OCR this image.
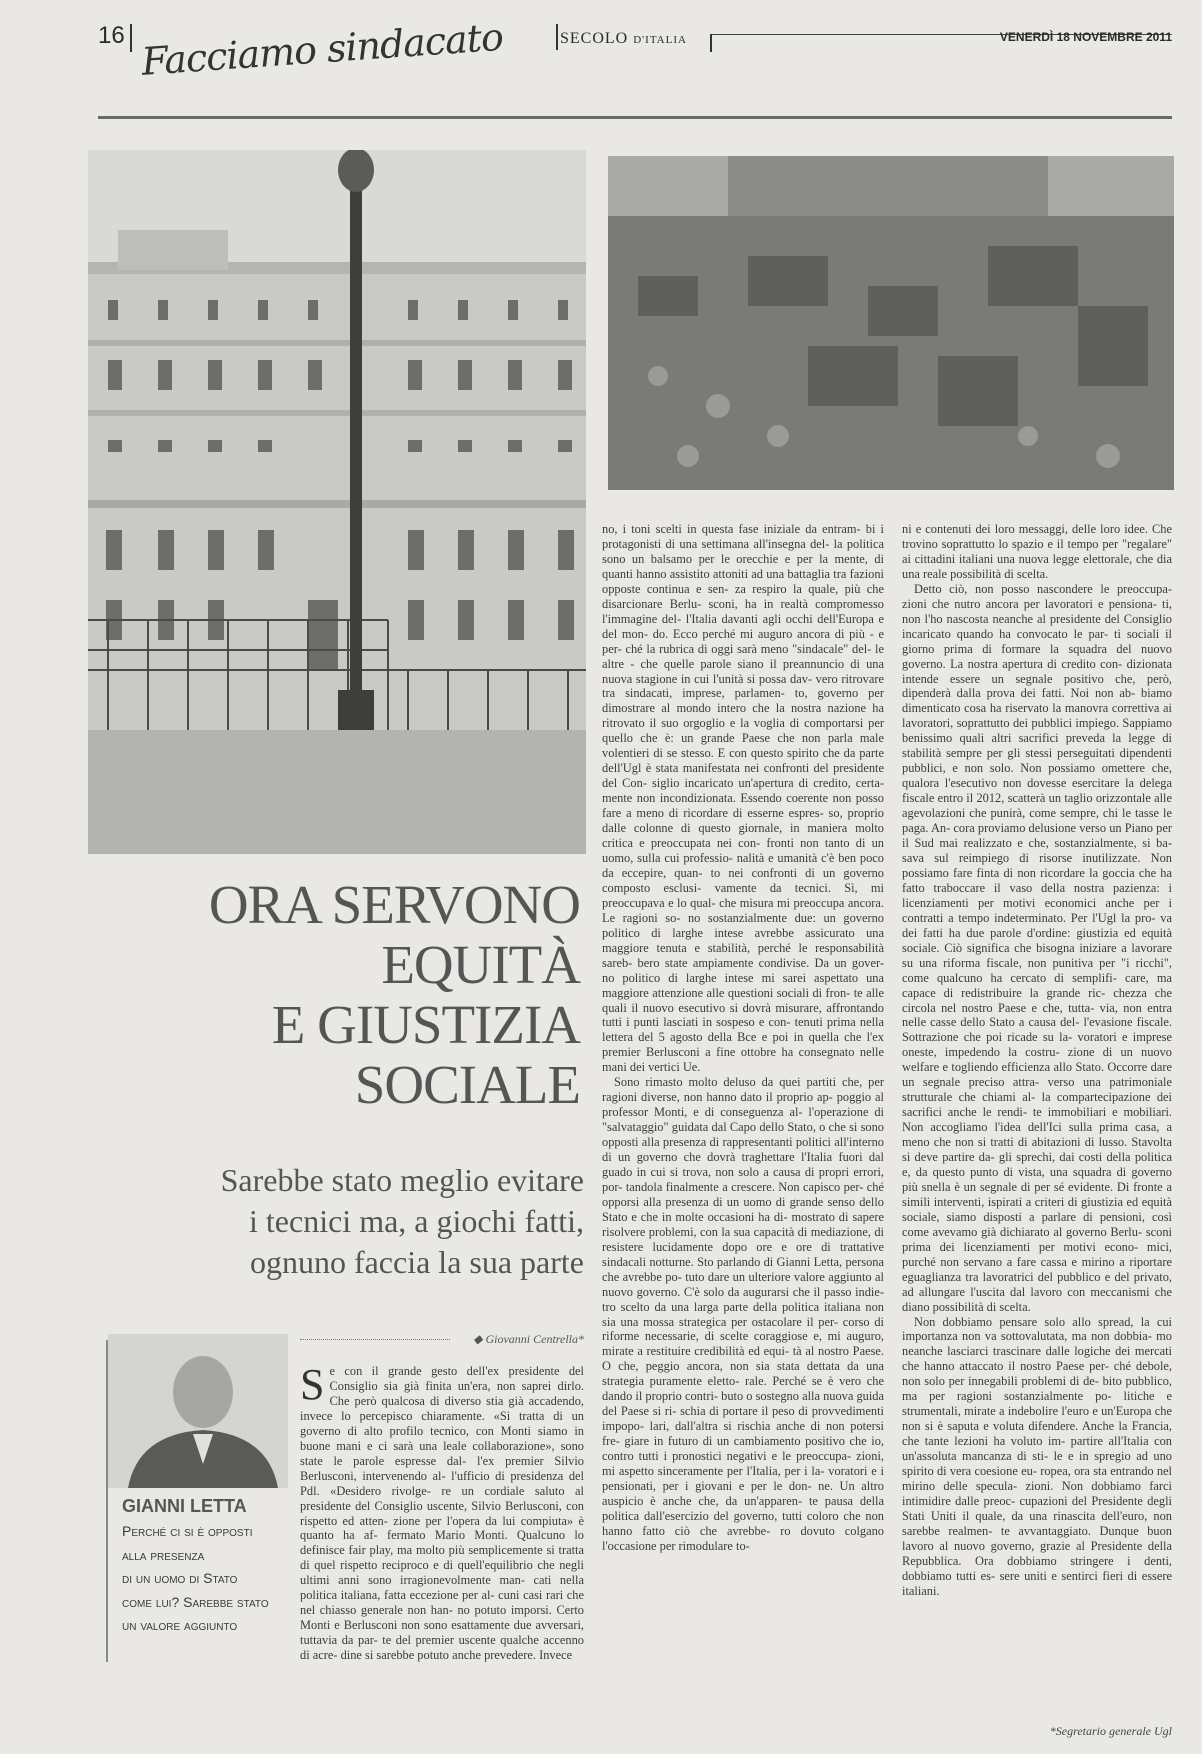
16	SECOLO D'ITALIA	VENERDÌ 18 NOVEMBRE 2011
Facciamo sindacato
ORA SERVONO
EQUITÀ
E GIUSTIZIA
SOCIALE
Sarebbe stato meglio evitare
i tecnici ma, a giochi fatti,
ognuno faccia la sua parte
◆ Giovanni Centrella*
GIANNI LETTA
Perché ci si è opposti
alla presenza
di un uomo di Stato
come lui? Sarebbe stato
un valore aggiunto

Se con il grande gesto dell'ex presidente del Consiglio sia già finita un'era, non saprei dirlo. Che però qualcosa di diverso stia già accadendo, invece lo percepisco chiaramente. «Si tratta di un governo di alto profilo tecnico, con Monti siamo in buone mani e ci sarà una leale collaborazione», sono state le parole espresse dal- l'ex premier Silvio Berlusconi, intervenendo al- l'ufficio di presidenza del Pdl. «Desidero rivolge- re un cordiale saluto al presidente del Consiglio uscente, Silvio Berlusconi, con rispetto ed atten- zione per l'opera da lui compiuta» è quanto ha af- fermato Mario Monti. Qualcuno lo definisce fair play, ma molto più semplicemente si tratta di quel rispetto reciproco e di quell'equilibrio che negli ultimi anni sono irragionevolmente man- cati nella politica italiana, fatta eccezione per al- cuni casi rari che nel chiasso generale non han- no potuto imporsi. Certo Monti e Berlusconi non sono esattamente due avversari, tuttavia da par- te del premier uscente qualche accenno di acre- dine si sarebbe potuto anche prevedere. Invece

no, i toni scelti in questa fase iniziale da entram- bi i protagonisti di una settimana all'insegna del- la politica sono un balsamo per le orecchie e per la mente, di quanti hanno assistito attoniti ad una battaglia tra fazioni opposte continua e sen- za respiro la quale, più che disarcionare Berlu- sconi, ha in realtà compromesso l'immagine del- l'Italia davanti agli occhi dell'Europa e del mon- do. Ecco perché mi auguro ancora di più - e per- ché la rubrica di oggi sarà meno "sindacale" del- le altre - che quelle parole siano il preannuncio di una nuova stagione in cui l'unità si possa dav- vero ritrovare tra sindacati, imprese, parlamen- to, governo per dimostrare al mondo intero che la nostra nazione ha ritrovato il suo orgoglio e la voglia di comportarsi per quello che è: un grande Paese che non parla male volentieri di se stesso. E con questo spirito che da parte dell'Ugl è stata manifestata nei confronti del presidente del Con- siglio incaricato un'apertura di credito, certa- mente non incondizionata. Essendo coerente non posso fare a meno di ricordare di esserne espres- so, proprio dalle colonne di questo giornale, in maniera molto critica e preoccupata nei con- fronti non tanto di un uomo, sulla cui professio- nalità e umanità c'è ben poco da eccepire, quan- to nei confronti di un governo composto esclusi- vamente da tecnici. Sì, mi preoccupava e lo qual- che misura mi preoccupa ancora. Le ragioni so- no sostanzialmente due: un governo politico di larghe intese avrebbe assicurato una maggiore tenuta e stabilità, perché le responsabilità sareb- bero state ampiamente condivise. Da un gover- no politico di larghe intese mi sarei aspettato una maggiore attenzione alle questioni sociali di fron- te alle quali il nuovo esecutivo si dovrà misurare, affrontando tutti i punti lasciati in sospeso e con- tenuti prima nella lettera del 5 agosto della Bce e poi in quella che l'ex premier Berlusconi a fine ottobre ha consegnato nelle mani dei vertici Ue.

Sono rimasto molto deluso da quei partiti che, per ragioni diverse, non hanno dato il proprio ap- poggio al professor Monti, e di conseguenza al- l'operazione di "salvataggio" guidata dal Capo dello Stato, o che si sono opposti alla presenza di rappresentanti politici all'interno di un governo che dovrà traghettare l'Italia fuori dal guado in cui si trova, non solo a causa di propri errori, por- tandola finalmente a crescere. Non capisco per- ché opporsi alla presenza di un uomo di grande senso dello Stato e che in molte occasioni ha di- mostrato di sapere risolvere problemi, con la sua capacità di mediazione, di resistere lucidamente dopo ore e ore di trattative sindacali notturne. Sto parlando di Gianni Letta, persona che avrebbe po- tuto dare un ulteriore valore aggiunto al nuovo governo. C'è solo da augurarsi che il passo indie- tro scelto da una larga parte della politica italiana non sia una mossa strategica per ostacolare il per- corso di riforme necessarie, di scelte coraggiose e, mi auguro, mirate a restituire credibilità ed equi- tà al nostro Paese. O che, peggio ancora, non sia stata dettata da una strategia puramente eletto- rale. Perché se è vero che dando il proprio contri- buto o sostegno alla nuova guida del Paese si ri- schia di portare il peso di provvedimenti impopo- lari, dall'altra si rischia anche di non potersi fre- giare in futuro di un cambiamento positivo che io, contro tutti i pronostici negativi e le preoccupa- zioni, mi aspetto sinceramente per l'Italia, per i la- voratori e i pensionati, per i giovani e per le don- ne. Un altro auspicio è anche che, da un'apparen- te pausa della politica dall'esercizio del governo, tutti coloro che non hanno fatto ciò che avrebbe- ro dovuto colgano l'occasione per rimodulare to-

ni e contenuti dei loro messaggi, delle loro idee. Che trovino soprattutto lo spazio e il tempo per "regalare" ai cittadini italiani una nuova legge elettorale, che dia una reale possibilità di scelta.

Detto ciò, non posso nascondere le preoccupa- zioni che nutro ancora per lavoratori e pensiona- ti, non l'ho nascosta neanche al presidente del Consiglio incaricato quando ha convocato le par- ti sociali il giorno prima di formare la squadra del nuovo governo. La nostra apertura di credito con- dizionata intende essere un segnale positivo che, però, dipenderà dalla prova dei fatti. Noi non ab- biamo dimenticato cosa ha riservato la manovra correttiva ai lavoratori, soprattutto dei pubblici impiego. Sappiamo benissimo quali altri sacrifici preveda la legge di stabilità sempre per gli stessi perseguitati dipendenti pubblici, e non solo. Non possiamo omettere che, qualora l'esecutivo non dovesse esercitare la delega fiscale entro il 2012, scatterà un taglio orizzontale alle agevolazioni che punirà, come sempre, chi le tasse le paga. An- cora proviamo delusione verso un Piano per il Sud mai realizzato e che, sostanzialmente, si ba- sava sul reimpiego di risorse inutilizzate. Non possiamo fare finta di non ricordare la goccia che ha fatto traboccare il vaso della nostra pazienza: i licenziamenti per motivi economici anche per i contratti a tempo indeterminato. Per l'Ugl la pro- va dei fatti ha due parole d'ordine: giustizia ed equità sociale. Ciò significa che bisogna iniziare a lavorare su una riforma fiscale, non punitiva per "i ricchi", come qualcuno ha cercato di semplifi- care, ma capace di redistribuire la grande ric- chezza che circola nel nostro Paese e che, tutta- via, non entra nelle casse dello Stato a causa del- l'evasione fiscale. Sottrazione che poi ricade su la- voratori e imprese oneste, impedendo la costru- zione di un nuovo welfare e togliendo efficienza allo Stato. Occorre dare un segnale preciso attra- verso una patrimoniale strutturale che chiami al- la compartecipazione dei sacrifici anche le rendi- te immobiliari e mobiliari. Non accogliamo l'idea dell'Ici sulla prima casa, a meno che non si tratti di abitazioni di lusso. Stavolta si deve partire da- gli sprechi, dai costi della politica e, da questo punto di vista, una squadra di governo più snella è un segnale di per sé evidente. Di fronte a simili interventi, ispirati a criteri di giustizia ed equità sociale, siamo disposti a parlare di pensioni, così come avevamo già dichiarato al governo Berlu- sconi prima dei licenziamenti per motivi econo- mici, purché non servano a fare cassa e mirino a riportare eguaglianza tra lavoratrici del pubblico e del privato, ad allungare l'uscita dal lavoro con meccanismi che diano possibilità di scelta.

Non dobbiamo pensare solo allo spread, la cui importanza non va sottovalutata, ma non dobbia- mo neanche lasciarci trascinare dalle logiche dei mercati che hanno attaccato il nostro Paese per- ché debole, non solo per innegabili problemi di de- bito pubblico, ma per ragioni sostanzialmente po- litiche e strumentali, mirate a indebolire l'euro e un'Europa che non si è saputa e voluta difendere. Anche la Francia, che tante lezioni ha voluto im- partire all'Italia con un'assoluta mancanza di sti- le e in spregio ad uno spirito di vera coesione eu- ropea, ora sta entrando nel mirino delle specula- zioni. Non dobbiamo farci intimidire dalle preoc- cupazioni del Presidente degli Stati Uniti il quale, da una rinascita dell'euro, non sarebbe realmen- te avvantaggiato. Dunque buon lavoro al nuovo governo, grazie al Presidente della Repubblica. Ora dobbiamo stringere i denti, dobbiamo tutti es- sere uniti e sentirci fieri di essere italiani.

*Segretario generale Ugl
